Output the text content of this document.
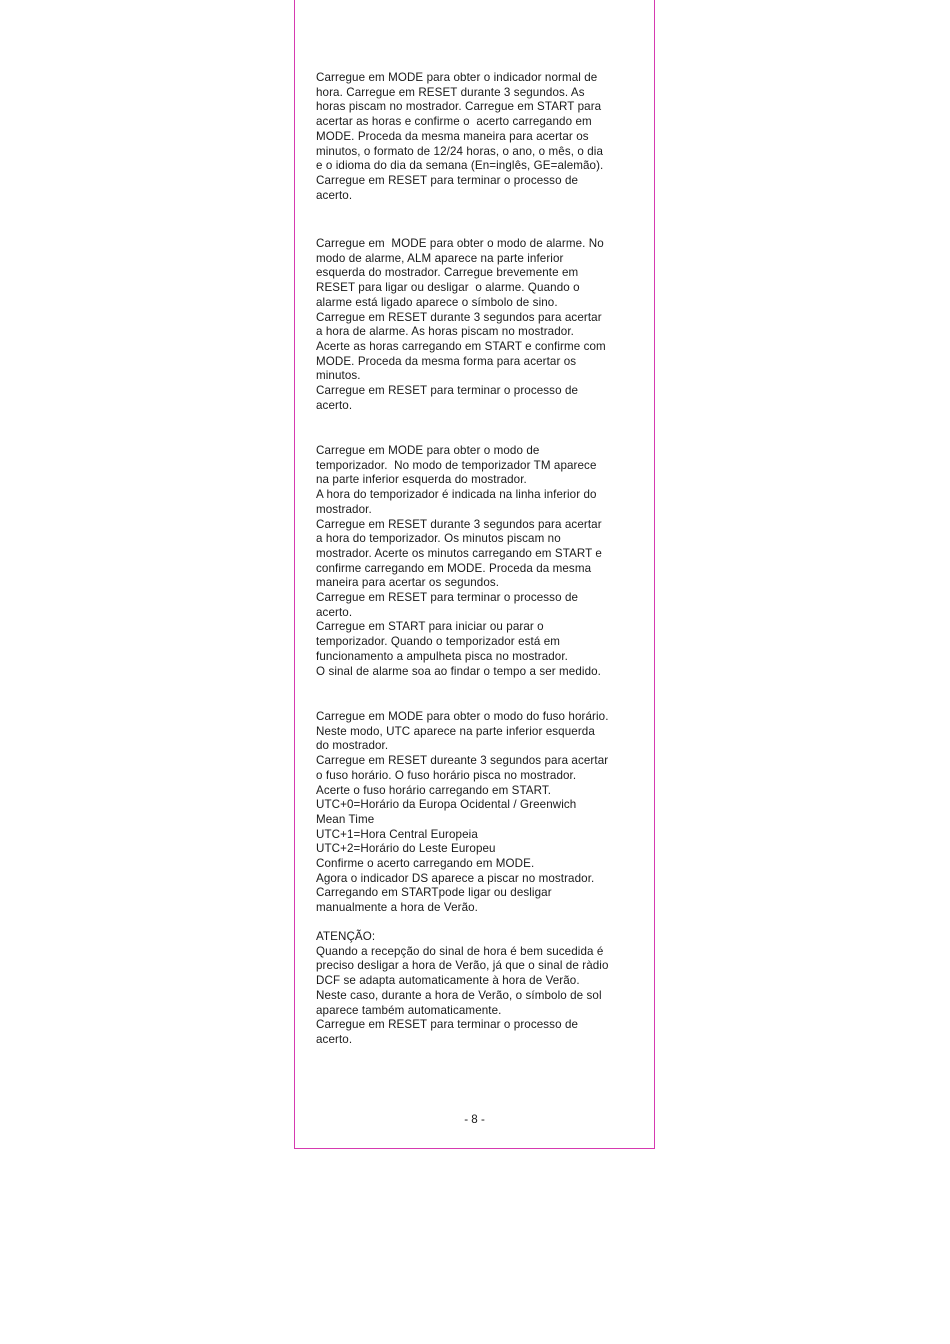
Carregue em MODE para obter o indicador normal de
hora. Carregue em RESET durante 3 segundos. As
horas piscam no mostrador. Carregue em START para
acertar as horas e confirme o  acerto carregando em
MODE. Proceda da mesma maneira para acertar os
minutos, o formato de 12/24 horas, o ano, o mês, o dia
e o idioma do dia da semana (En=inglês, GE=alemão).
Carregue em RESET para terminar o processo de
acerto.
Carregue em  MODE para obter o modo de alarme. No
modo de alarme, ALM aparece na parte inferior
esquerda do mostrador. Carregue brevemente em
RESET para ligar ou desligar  o alarme. Quando o
alarme está ligado aparece o símbolo de sino.
Carregue em RESET durante 3 segundos para acertar
a hora de alarme. As horas piscam no mostrador.
Acerte as horas carregando em START e confirme com
MODE. Proceda da mesma forma para acertar os
minutos.
Carregue em RESET para terminar o processo de
acerto.
Carregue em MODE para obter o modo de
temporizador.  No modo de temporizador TM aparece
na parte inferior esquerda do mostrador.
A hora do temporizador é indicada na linha inferior do
mostrador.
Carregue em RESET durante 3 segundos para acertar
a hora do temporizador. Os minutos piscam no
mostrador. Acerte os minutos carregando em START e
confirme carregando em MODE. Proceda da mesma
maneira para acertar os segundos.
Carregue em RESET para terminar o processo de
acerto.
Carregue em START para iniciar ou parar o
temporizador. Quando o temporizador está em
funcionamento a ampulheta pisca no mostrador.
O sinal de alarme soa ao findar o tempo a ser medido.
Carregue em MODE para obter o modo do fuso horário.
Neste modo, UTC aparece na parte inferior esquerda
do mostrador.
Carregue em RESET dureante 3 segundos para acertar
o fuso horário. O fuso horário pisca no mostrador.
Acerte o fuso horário carregando em START.
UTC+0=Horário da Europa Ocidental / Greenwich
Mean Time
UTC+1=Hora Central Europeia
UTC+2=Horário do Leste Europeu
Confirme o acerto carregando em MODE.
Agora o indicador DS aparece a piscar no mostrador.
Carregando em STARTpode ligar ou desligar
manualmente a hora de Verão.
ATENÇÃO:
Quando a recepção do sinal de hora é bem sucedida é
preciso desligar a hora de Verão, já que o sinal de ràdio
DCF se adapta automaticamente à hora de Verão.
Neste caso, durante a hora de Verão, o símbolo de sol
aparece também automaticamente.
Carregue em RESET para terminar o processo de
acerto.
- 8 -
